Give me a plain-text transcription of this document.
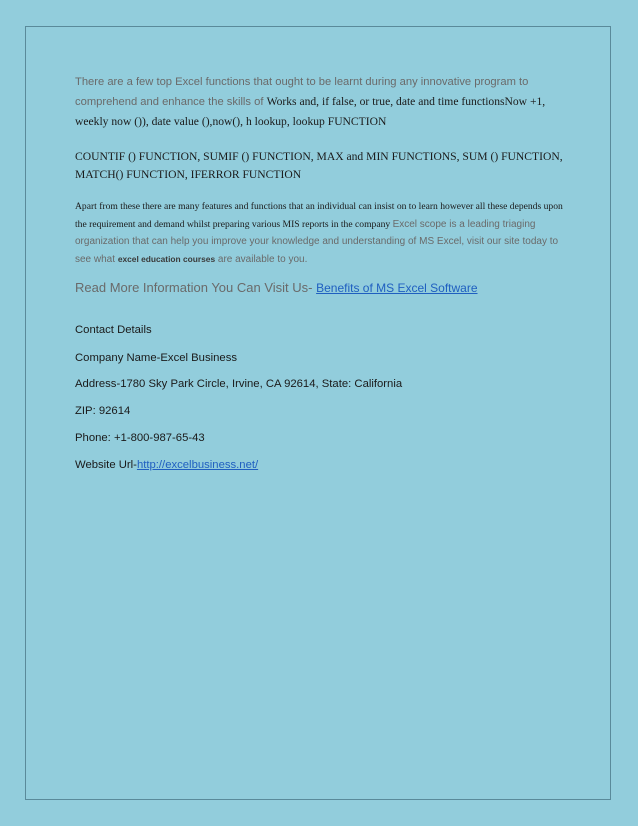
There are a few top Excel functions that ought to be learnt during any innovative program to comprehend and enhance the skills of Works and, if false, or true, date and time functionsNow +1, weekly now ()), date value (),now(), h lookup, lookup FUNCTION

COUNTIF () FUNCTION, SUMIF () FUNCTION, MAX and MIN FUNCTIONS, SUM () FUNCTION, MATCH() FUNCTION, IFERROR FUNCTION

Apart from these there are many features and functions that an individual can insist on to learn however all these depends upon the requirement and demand whilst preparing various MIS reports in the company Excel scope is a leading triaging organization that can help you improve your knowledge and understanding of MS Excel, visit our site today to see what excel education courses are available to you.

Read More Information You Can Visit Us- Benefits of MS Excel Software

Contact Details

Company Name-Excel Business

Address-1780 Sky Park Circle, Irvine, CA 92614, State: California

ZIP: 92614

Phone: +1-800-987-65-43

Website Url-http://excelbusiness.net/
